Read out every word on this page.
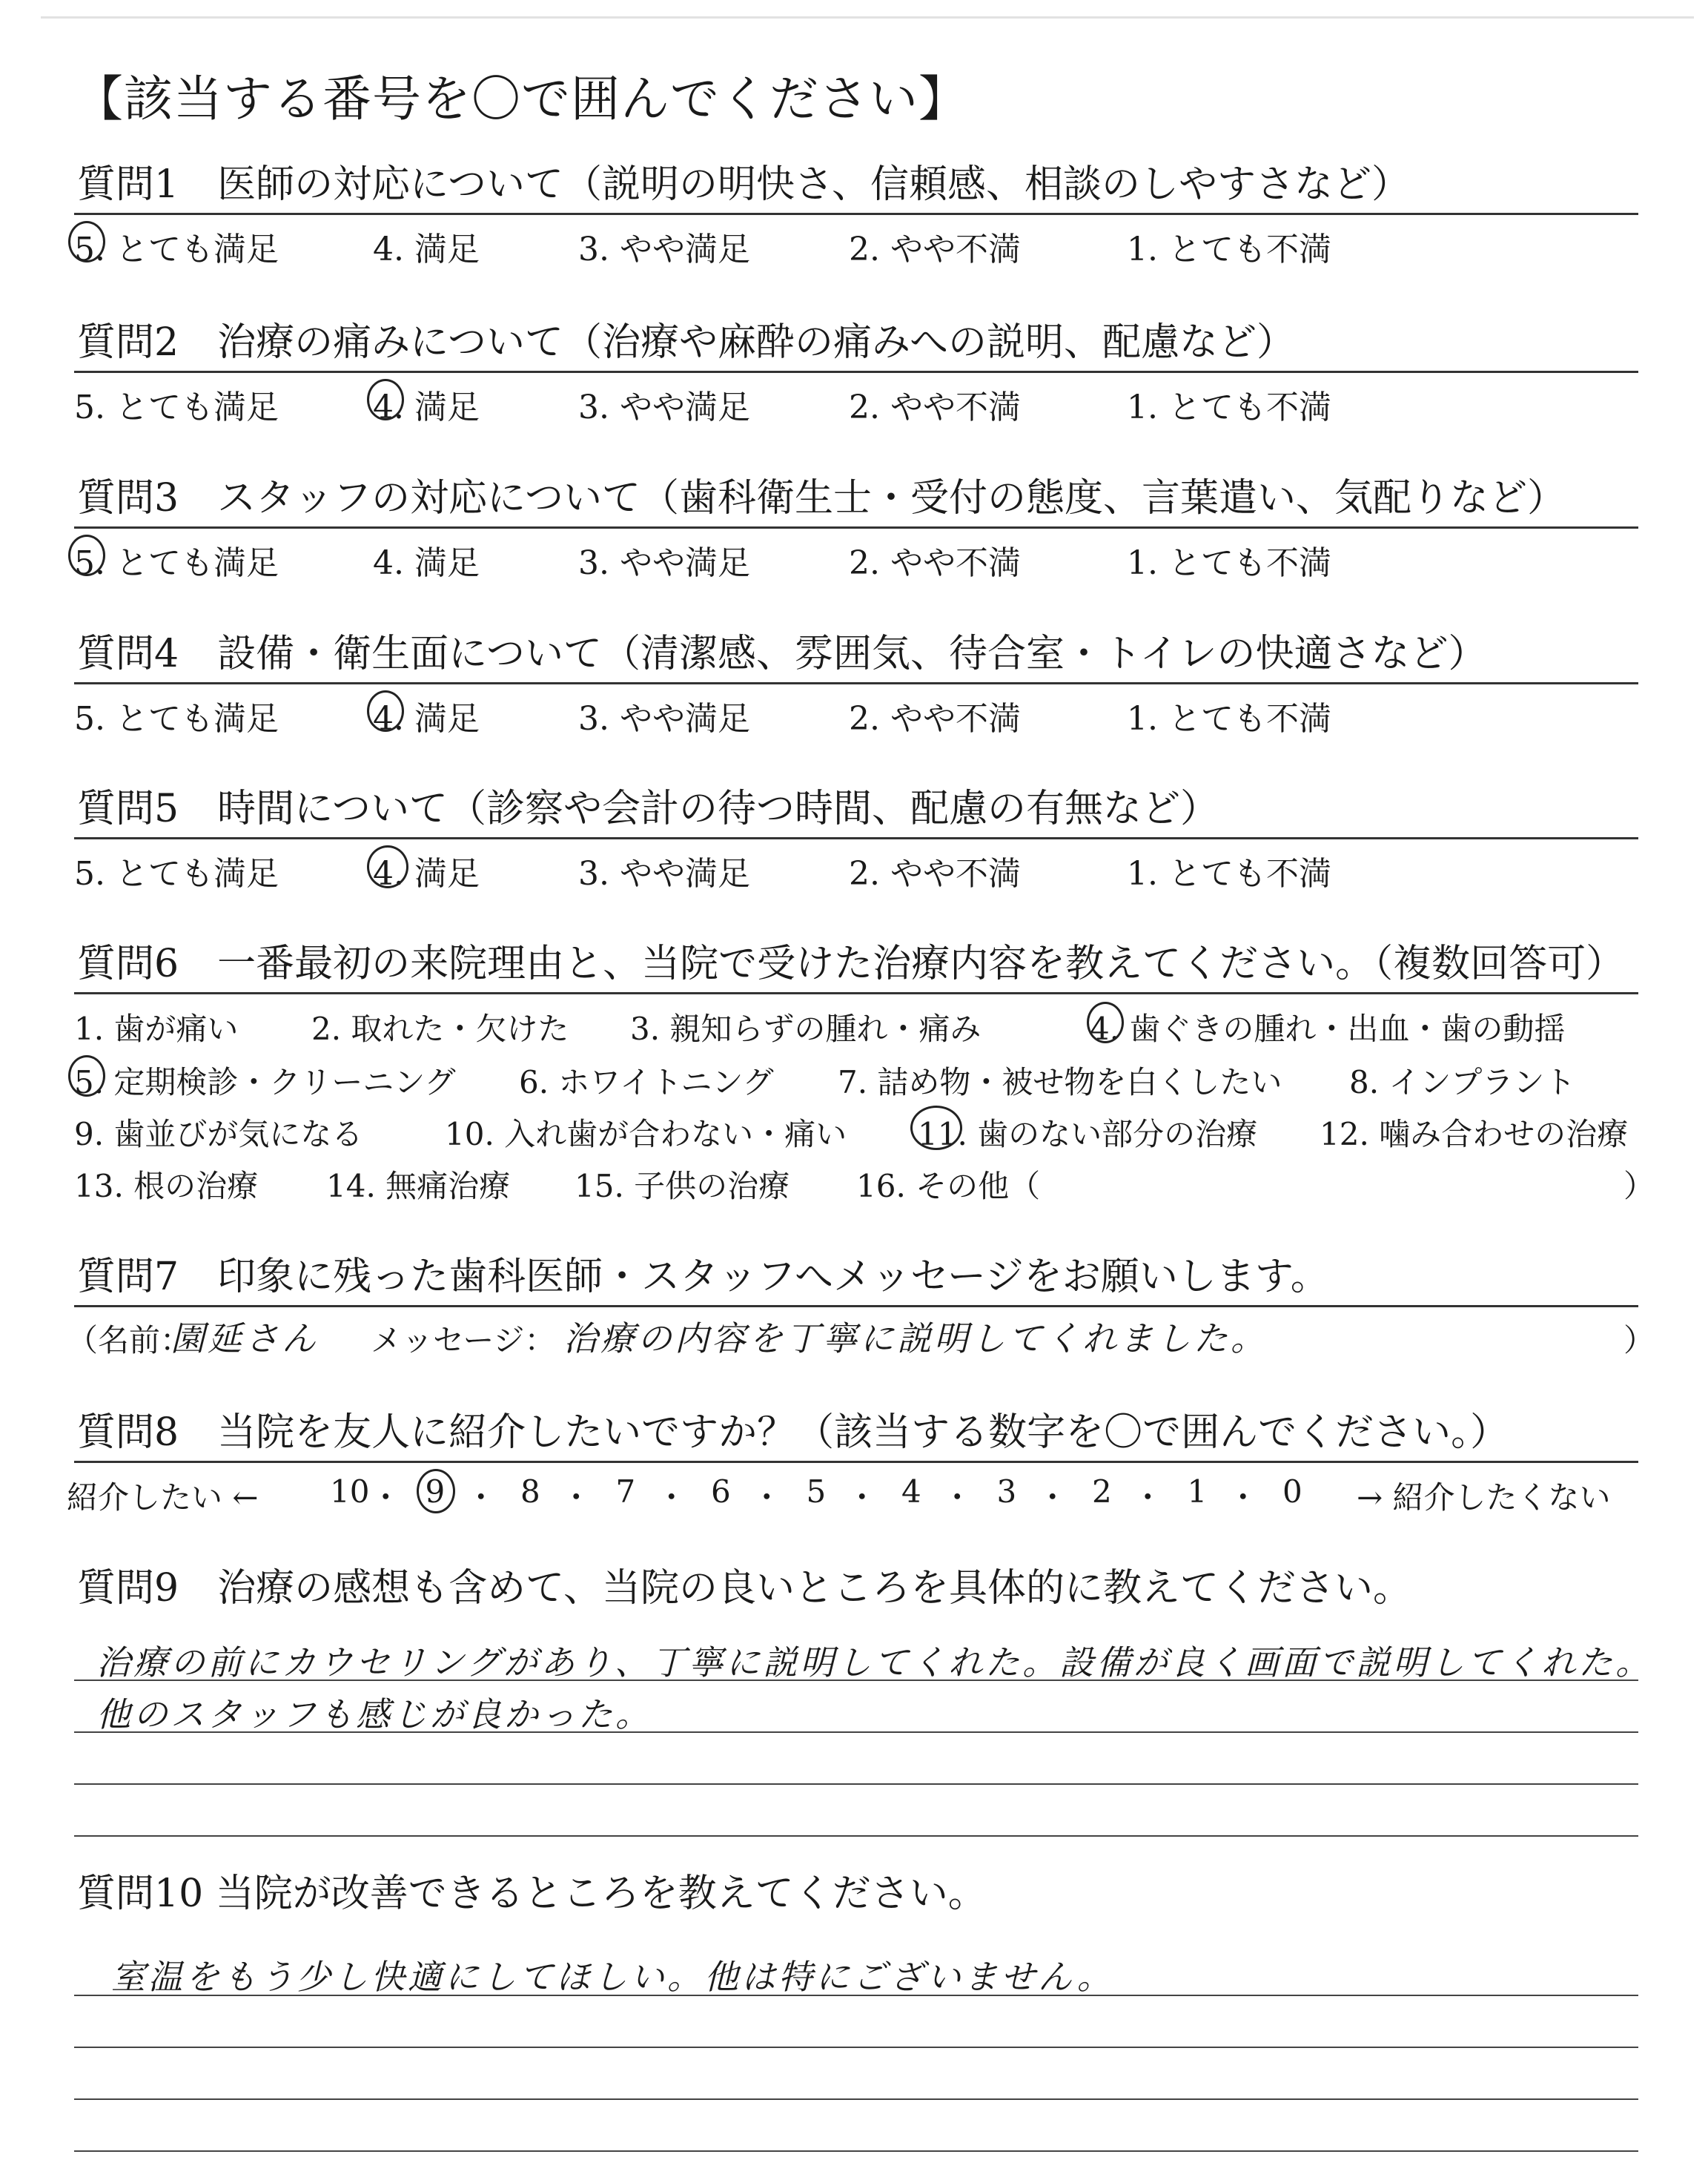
【該当する番号を〇で囲んでください】
質問1　医師の対応について（説明の明快さ、信頼感、相談のしやすさなど）
5. とても満足	4. 満足	3. やや満足	2. やや不満	1. とても不満
質問2　治療の痛みについて（治療や麻酔の痛みへの説明、配慮など）
5. とても満足	4. 満足	3. やや満足	2. やや不満	1. とても不満
質問3　スタッフの対応について（歯科衛生士・受付の態度、言葉遣い、気配りなど）
5. とても満足	4. 満足	3. やや満足	2. やや不満	1. とても不満
質問4　設備・衛生面について（清潔感、雰囲気、待合室・トイレの快適さなど）
5. とても満足	4. 満足	3. やや満足	2. やや不満	1. とても不満
質問5　時間について（診察や会計の待つ時間、配慮の有無など）
5. とても満足	4. 満足	3. やや満足	2. やや不満	1. とても不満
質問6　一番最初の来院理由と、当院で受けた治療内容を教えてください。（複数回答可）
1. 歯が痛い 2. 取れた・欠けた 3. 親知らずの腫れ・痛み	4. 歯ぐきの腫れ・出血・歯の動揺
5. 定期検診・クリーニング 6. ホワイトニング 7. 詰め物・被せ物を白くしたい 8. インプラント
9. 歯並びが気になる	10. 入れ歯が合わない・痛い 11. 歯のない部分の治療 12. 噛み合わせの治療
13. 根の治療 14. 無痛治療 15. 子供の治療 16. その他（	）
質問7　印象に残った歯科医師・スタッフへメッセージをお願いします。
（名前：
園延さん メッセージ： 治療の内容を丁寧に説明してくれました。	）
質問8　当院を友人に紹介したいですか？（該当する数字を〇で囲んでください。）
紹介したい ←	→ 紹介したくない
10 ・ 9 ・ 8 ・ 7 ・ 6 ・ 5 ・ 4 ・ 3 ・ 2 ・ 1 ・ 0
質問9　治療の感想も含めて、当院の良いところを具体的に教えてください。
治療の前にカウセリングがあり、丁寧に説明してくれた。設備が良く画面で説明してくれた。
他のスタッフも感じが良かった。
質問10 当院が改善できるところを教えてください。
室温をもう少し快適にしてほしい。他は特にございません。
